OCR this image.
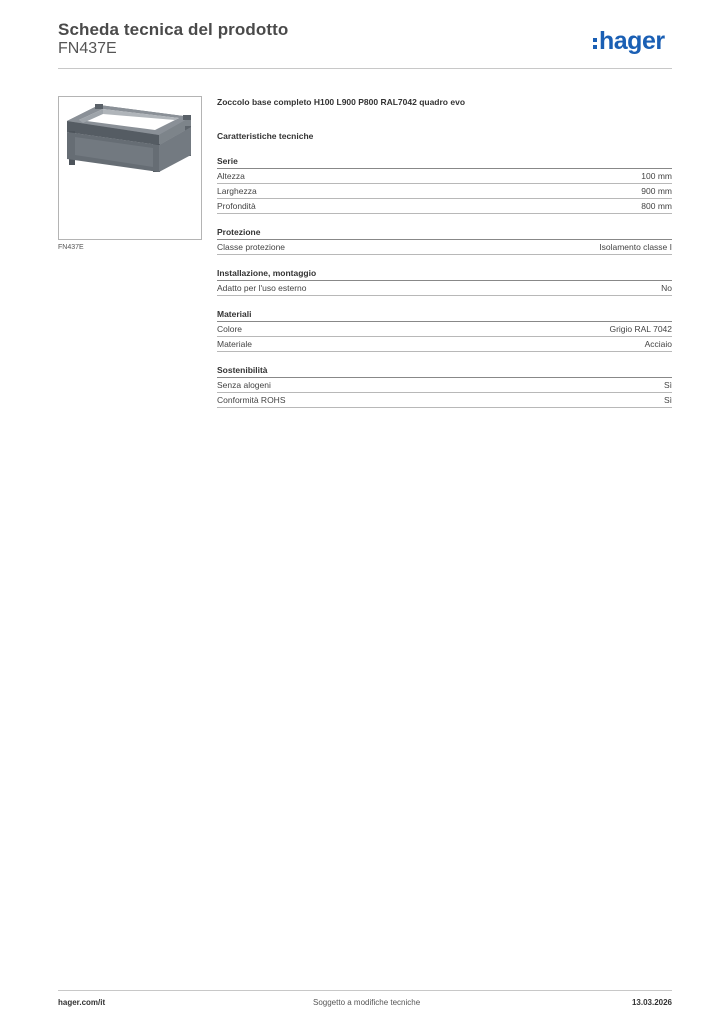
Scheda tecnica del prodotto
FN437E	hager
FN437E
Zoccolo base completo H100 L900 P800 RAL7042 quadro evo
Caratteristiche tecniche
Serie
Altezza	100 mm
Larghezza	900 mm
Profondità	800 mm
Protezione
Classe protezione	Isolamento classe I
Installazione, montaggio
Adatto per l'uso esterno	No
Materiali
Colore	Grigio RAL 7042
Materiale	Acciaio
Sostenibilità
Senza alogeni	Sì
Conformità ROHS	Sì
hager.com/it	Soggetto a modifiche tecniche	13.03.2026
